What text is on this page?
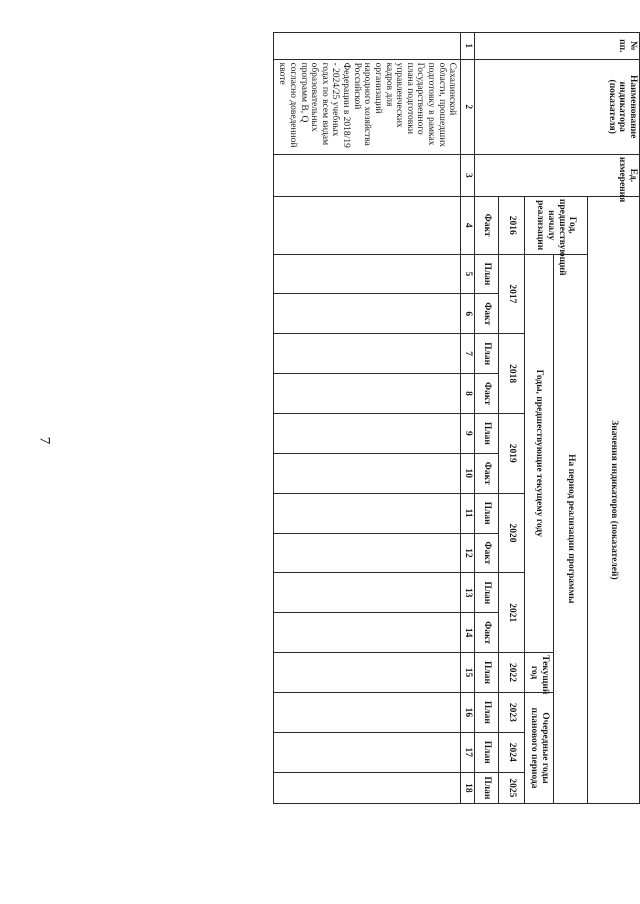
7
№ пп.	Наименование индикатора (показателя)	Ед. измерения	Значения индикаторов (показателей)														
			Год, предшествующий началу реализации	На период реализации программы													
				Годы, предшествующие текущему году										Текущий год	Очередные годы планового периода		

			2016	2017		2018		2019		2020		2021		2022	2023	2024	2025
			Факт	План	Факт	План	Факт	План	Факт	План	Факт	План	Факт	План	План	План	План
1	2	3	4	5	6	7	8	9	10	11	12	13	14	15	16	17	18
	Сахалинской области, прошедших подготовку в рамках Государственного плана подготовки управленческих кадров для организаций народного хозяйства Российской Федерации в 2018/19 - 2024/25 учебных годах по всем видам образовательных программ В, Q согласно доведенной квоте																
